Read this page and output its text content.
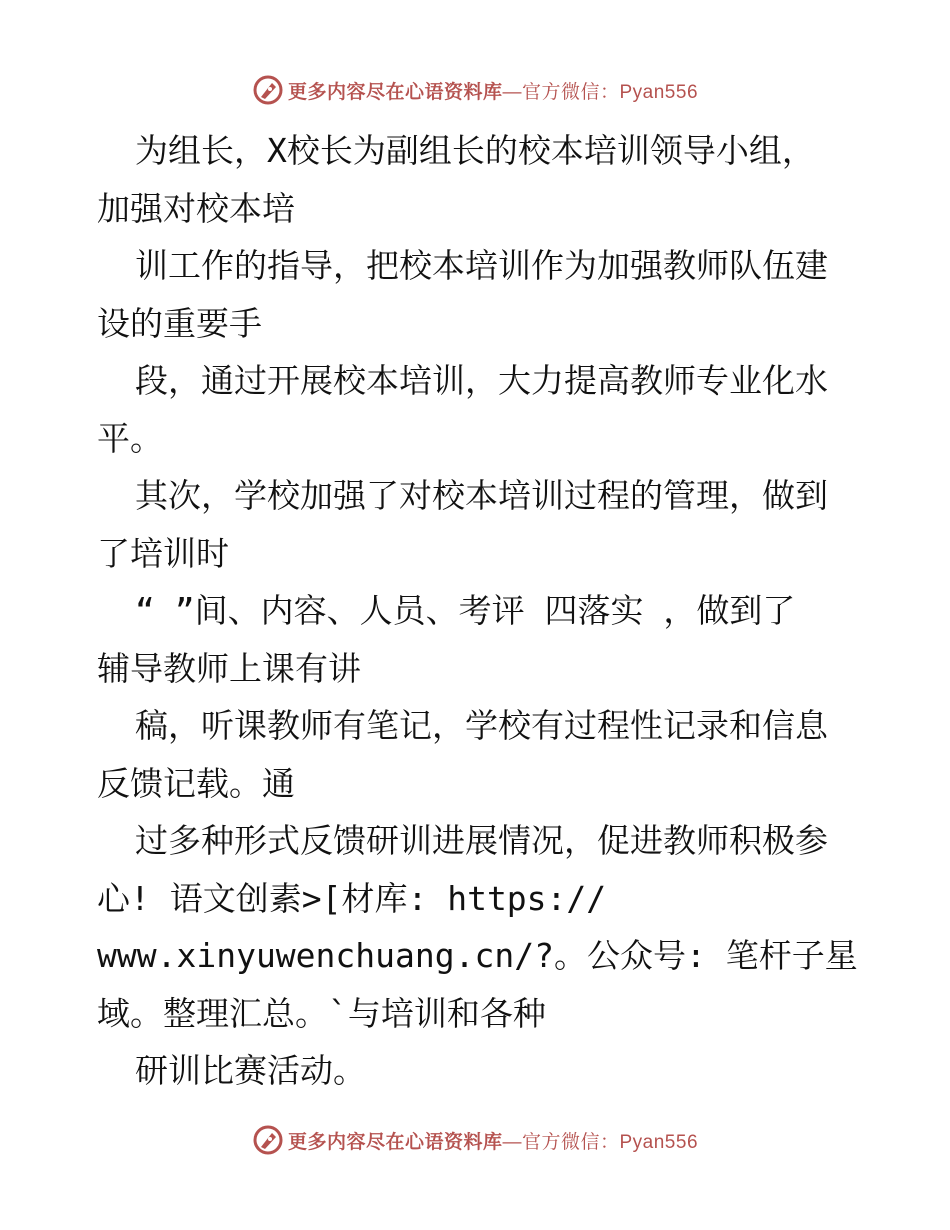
更多内容尽在心语资料库 —官方微信：Pyan556
为组长，X校长为副组长的校本培训领导小组，
加强对校本培
训工作的指导，把校本培训作为加强教师队伍建
设的重要手
段，通过开展校本培训，大力提高教师专业化水
平。
其次，学校加强了对校本培训过程的管理，做到
了培训时
“ ”间、内容、人员、考评 四落实 ，做到了
辅导教师上课有讲
稿，听课教师有笔记，学校有过程性记录和信息
反馈记载。通
过多种形式反馈研训进展情况，促进教师积极参
心! 语文创素>[材库: https://
www.xinyuwenchuang.cn/?。公众号: 笔杆子星
域。整理汇总。`与培训和各种
研训比赛活动。
更多内容尽在心语资料库 —官方微信：Pyan556
